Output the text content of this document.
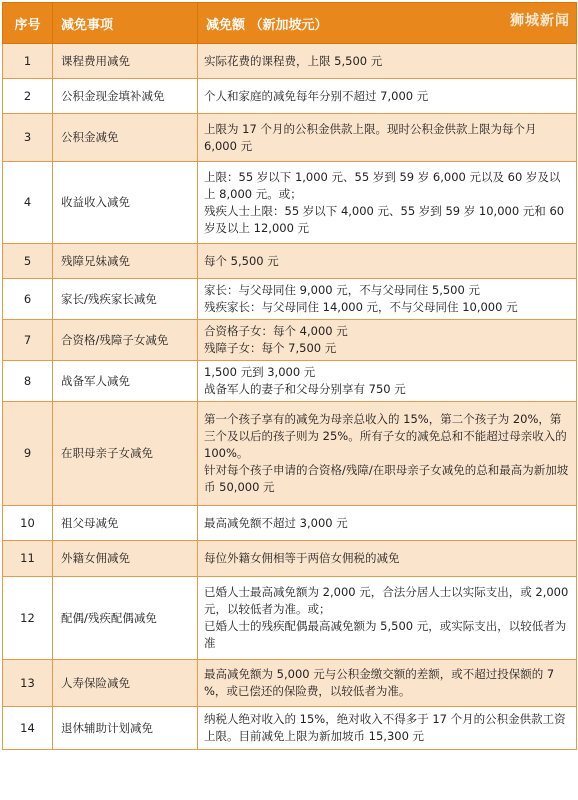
序号	减免事项	减免额 （新加坡元）
1	课程费用减免	实际花费的课程费，上限 5,500 元

2	公积金现金填补减免	个人和家庭的减免每年分别不超过 7,000 元

3	公积金减免	上限为 17 个月的公积金供款上限。现时公积金供款上限为每个月 6,000 元

4	收益收入减免	上限：55 岁以下 1,000 元、55 岁到 59 岁 6,000 元以及 60 岁及以上 8,000 元。或；
残疾人士上限：55 岁以下 4,000 元、55 岁到 59 岁 10,000 元和 60 岁及以上 12,000 元

5	残障兄妹减免	每个 5,500 元

6	家长/残疾家长减免	家长：与父母同住 9,000 元，不与父母同住 5,500 元
残疾家长：与父母同住 14,000 元，不与父母同住 10,000 元

7	合资格/残障子女减免	合资格子女：每个 4,000 元
残障子女：每个 7,500 元

8	战备军人减免	1,500 元到 3,000 元
战备军人的妻子和父母分别享有 750 元

9	在职母亲子女减免	第一个孩子享有的减免为母亲总收入的 15%，第二个孩子为 20%，第三个及以后的孩子则为 25%。所有子女的减免总和不能超过母亲收入的 100%。
针对每个孩子申请的合资格/残障/在职母亲子女减免的总和最高为新加坡币 50,000 元

10	祖父母减免	最高减免额不超过 3,000 元

11	外籍女佣减免	每位外籍女佣相等于两倍女佣税的减免

12	配偶/残疾配偶减免	已婚人士最高减免额为 2,000 元，合法分居人士以实际支出，或 2,000 元，以较低者为准。或；
已婚人士的残疾配偶最高减免额为 5,500 元，或实际支出，以较低者为准

13	人寿保险减免	最高减免额为 5,000 元与公积金缴交额的差额，或不超过投保额的 7 %，或已偿还的保险费，以较低者为准。

14	退休辅助计划减免	纳税人绝对收入的 15%，绝对收入不得多于 17 个月的公积金供款工资上限。目前减免上限为新加坡币 15,300 元
狮城新闻
